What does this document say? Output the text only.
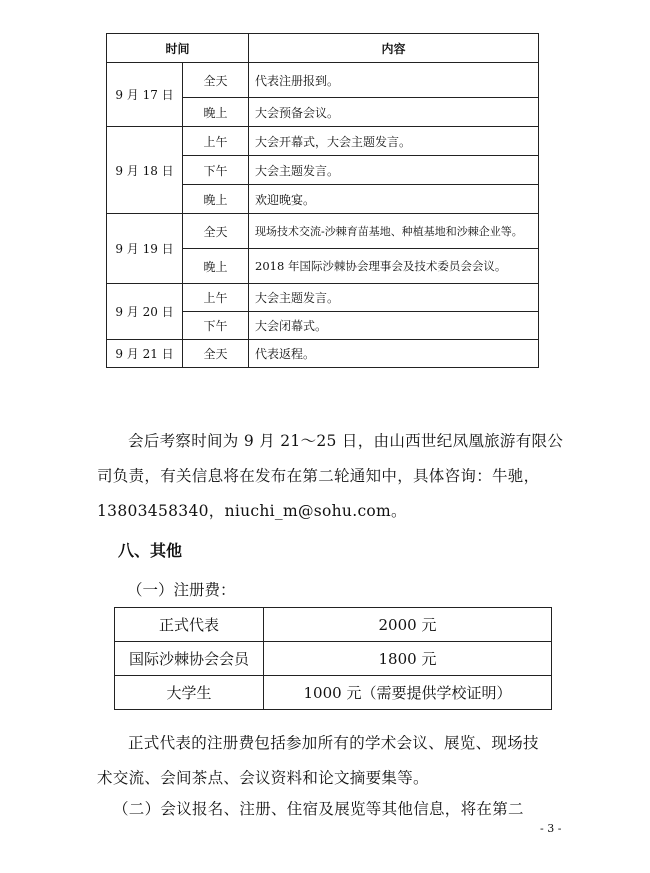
时间		内容
9 月 17 日	全天	代表注册报到。
	晚上	大会预备会议。
9 月 18 日	上午	大会开幕式，大会主题发言。
	下午	大会主题发言。
	晚上	欢迎晚宴。
9 月 19 日	全天	现场技术交流-沙棘育苗基地、种植基地和沙棘企业等。
	晚上	2018 年国际沙棘协会理事会及技术委员会会议。
9 月 20 日	上午	大会主题发言。
	下午	大会闭幕式。
9 月 21 日	全天	代表返程。
会后考察时间为 9 月 21～25 日，由山西世纪凤凰旅游有限公
司负责，有关信息将在发布在第二轮通知中，具体咨询：牛驰，
13803458340，niuchi_m@sohu.com。
八、其他
（一）注册费：
正式代表	2000 元
国际沙棘协会会员	1800 元
大学生	1000 元（需要提供学校证明）
正式代表的注册费包括参加所有的学术会议、展览、现场技
术交流、会间茶点、会议资料和论文摘要集等。
（二）会议报名、注册、住宿及展览等其他信息，将在第二
- 3 -
